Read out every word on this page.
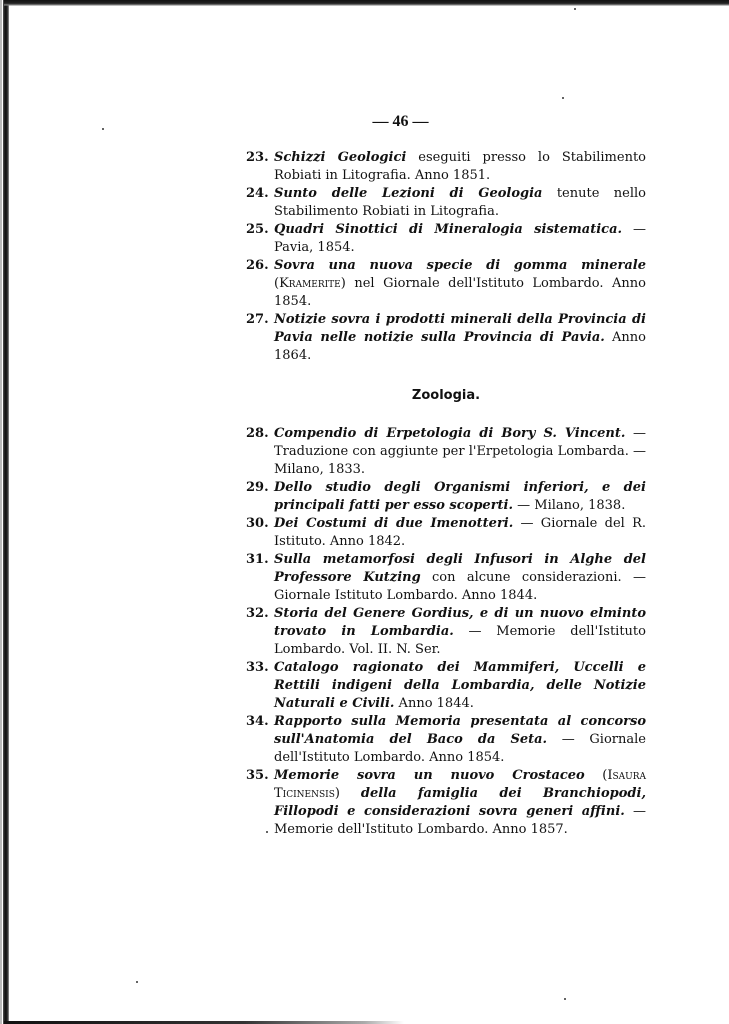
— 46 —
23. Schizzi Geologici eseguiti presso lo Stabilimento Robiati in Litografia. Anno 1851.
24. Sunto delle Lezioni di Geologia tenute nello Stabilimento Robiati in Litografia.
25. Quadri Sinottici di Mineralogia sistematica. — Pavia, 1854.
26. Sovra una nuova specie di gomma minerale (Kramerite) nel Giornale dell'Istituto Lombardo. Anno 1854.
27. Notizie sovra i prodotti minerali della Provincia di Pavia nelle notizie sulla Provincia di Pavia. Anno 1864.
Zoologia.
28. Compendio di Erpetologia di Bory S. Vincent. — Traduzione con aggiunte per l'Erpetologia Lombarda. — Milano, 1833.
29. Dello studio degli Organismi inferiori, e dei principali fatti per esso scoperti. — Milano, 1838.
30. Dei Costumi di due Imenotteri. — Giornale del R. Istituto. Anno 1842.
31. Sulla metamorfosi degli Infusori in Alghe del Professore Kutzing con alcune considerazioni. — Giornale Istituto Lombardo. Anno 1844.
32. Storia del Genere Gordius, e di un nuovo elminto trovato in Lombardia. — Memorie dell'Istituto Lombardo. Vol. II. N. Ser.
33. Catalogo ragionato dei Mammiferi, Uccelli e Rettili indigeni della Lombardia, delle Notizie Naturali e Civili. Anno 1844.
34. Rapporto sulla Memoria presentata al concorso sull'Anatomia del Baco da Seta. — Giornale dell'Istituto Lombardo. Anno 1854.
35. Memorie sovra un nuovo Crostaceo (Isaura Ticinensis) della famiglia dei Branchiopodi, Fillopodi e considerazioni sovra generi affini. — Memorie dell'Istituto Lombardo. Anno 1857.
